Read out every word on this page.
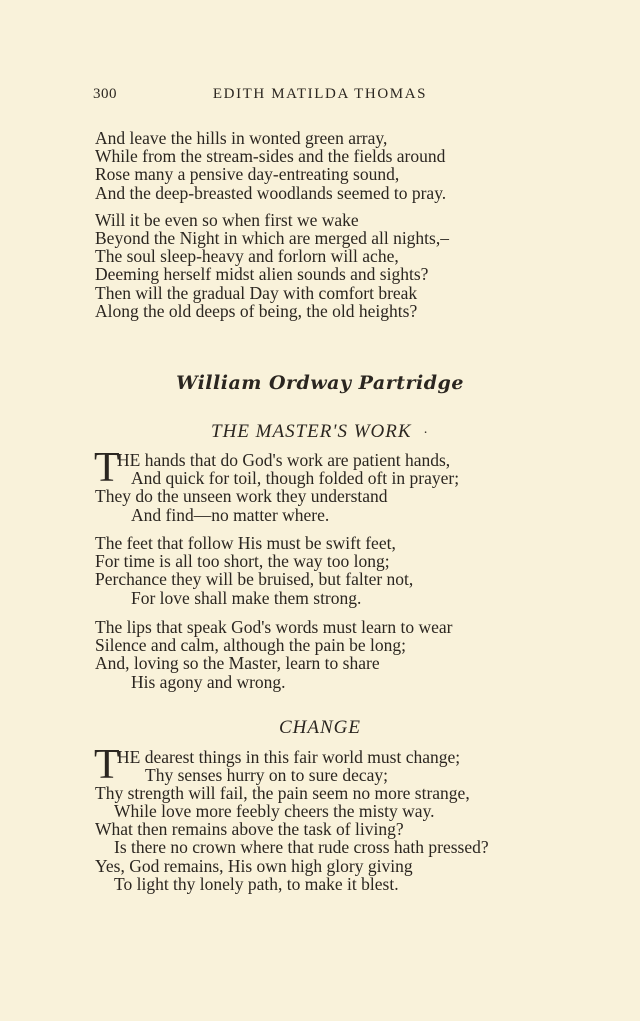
300	EDITH MATILDA THOMAS
And leave the hills in wonted green array,
While from the stream-sides and the fields around
Rose many a pensive day-entreating sound,
And the deep-breasted woodlands seemed to pray.
Will it be even so when first we wake
Beyond the Night in which are merged all nights,–
The soul sleep-heavy and forlorn will ache,
Deeming herself midst alien sounds and sights?
Then will the gradual Day with comfort break
Along the old deeps of being, the old heights?
William Ordway Partridge
THE MASTER'S WORK ·
T
HE hands that do God's work are patient hands,
And quick for toil, though folded oft in prayer;
They do the unseen work they understand
And find—no matter where.
The feet that follow His must be swift feet,
For time is all too short, the way too long;
Perchance they will be bruised, but falter not,
For love shall make them strong.
The lips that speak God's words must learn to wear
Silence and calm, although the pain be long;
And, loving so the Master, learn to share
His agony and wrong.
CHANGE
T
HE dearest things in this fair world must change;
Thy senses hurry on to sure decay;
Thy strength will fail, the pain seem no more strange,
While love more feebly cheers the misty way.
What then remains above the task of living?
Is there no crown where that rude cross hath pressed?
Yes, God remains, His own high glory giving
To light thy lonely path, to make it blest.
